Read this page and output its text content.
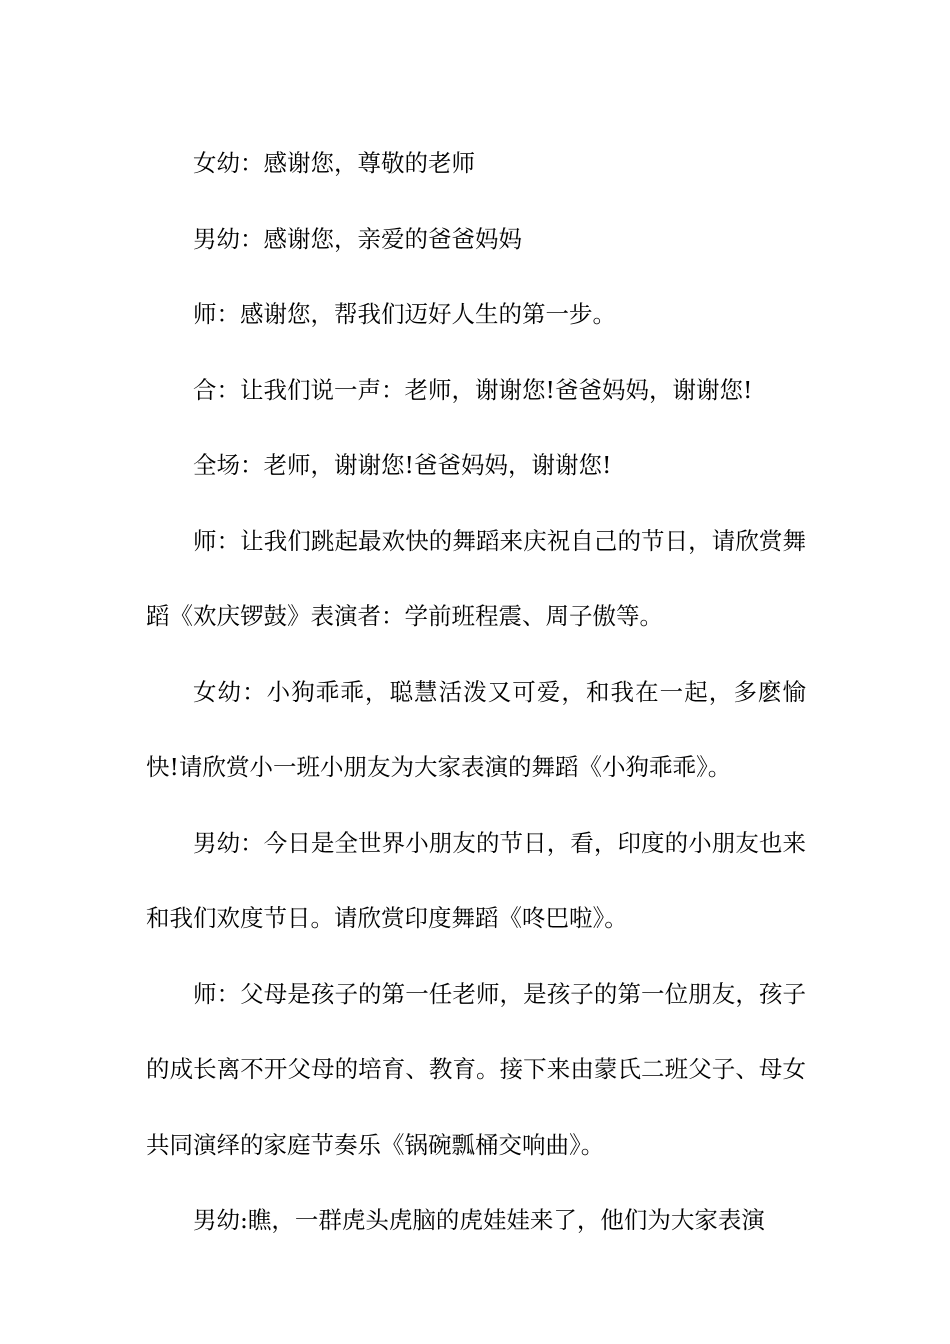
女幼：感谢您，尊敬的老师

男幼：感谢您，亲爱的爸爸妈妈

师：感谢您，帮我们迈好人生的第一步。

合：让我们说一声：老师，谢谢您!爸爸妈妈，谢谢您!

全场：老师，谢谢您!爸爸妈妈，谢谢您!

师：让我们跳起最欢快的舞蹈来庆祝自己的节日，请欣赏舞蹈《欢庆锣鼓》表演者：学前班程震、周子傲等。

女幼：小狗乖乖，聪慧活泼又可爱，和我在一起，多麽愉快!请欣赏小一班小朋友为大家表演的舞蹈《小狗乖乖》。

男幼：今日是全世界小朋友的节日，看，印度的小朋友也来和我们欢度节日。请欣赏印度舞蹈《咚巴啦》。

师：父母是孩子的第一任老师，是孩子的第一位朋友，孩子的成长离不开父母的培育、教育。接下来由蒙氏二班父子、母女共同演绎的家庭节奏乐《锅碗瓢桶交响曲》。

男幼:瞧，一群虎头虎脑的虎娃娃来了，他们为大家表演
